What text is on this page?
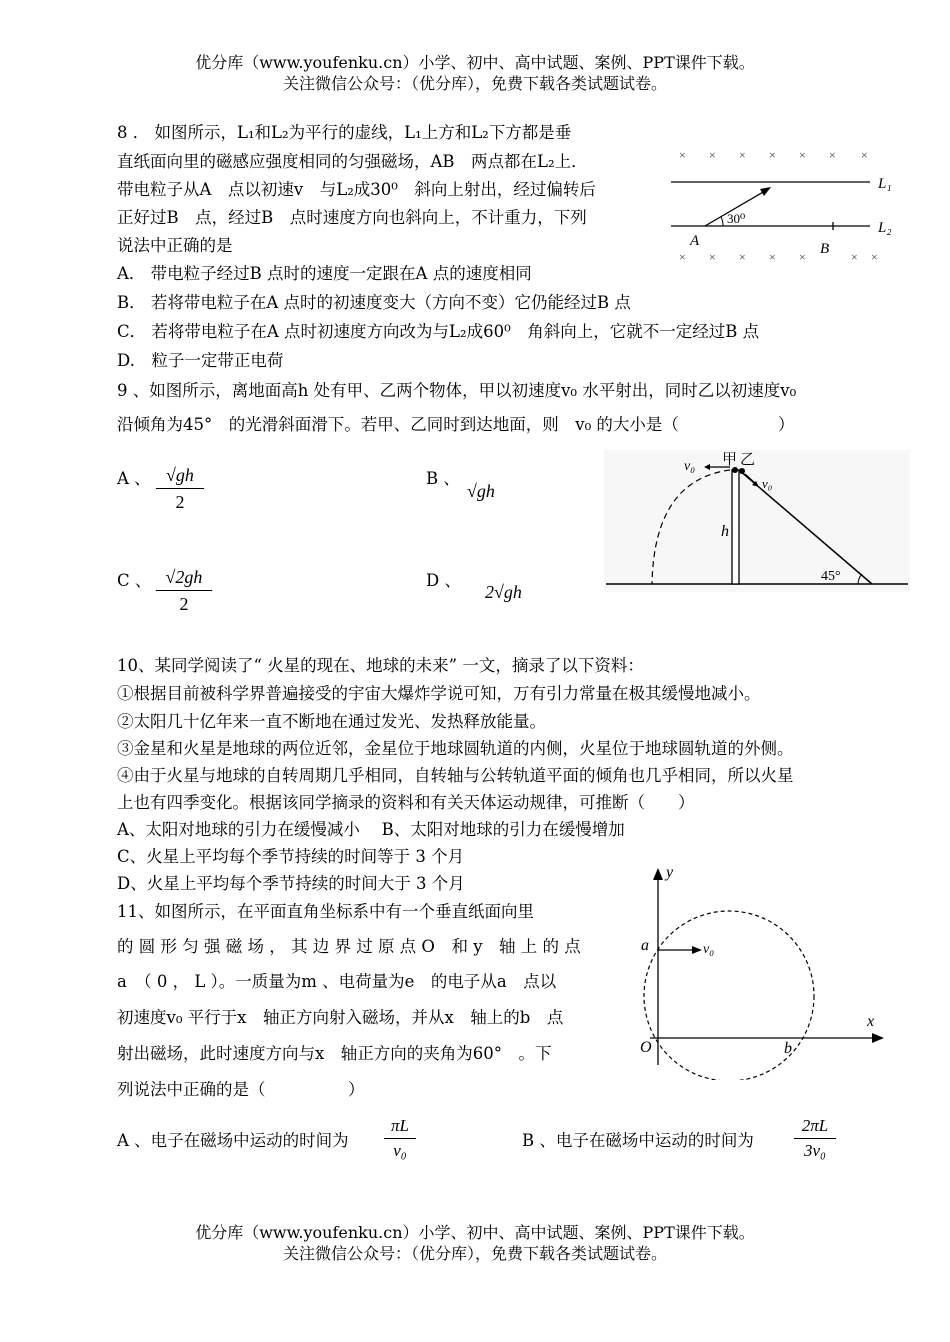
优分库（www.youfenku.cn）小学、初中、高中试题、案例、PPT课件下载。
关注微信公众号：（优分库），免费下载各类试题试卷。
8 ． 如图所示，L₁和L₂为平行的虚线，L₁上方和L₂下方都是垂
直纸面向里的磁感应强度相同的匀强磁场，AB　两点都在L₂上．
带电粒子从A　点以初速v　与L₂成30⁰　斜向上射出，经过偏转后
正好过B　点，经过B　点时速度方向也斜向上，不计重力，下列
说法中正确的是
A． 带电粒子经过B 点时的速度一定跟在A 点的速度相同
B． 若将带电粒子在A 点时的初速度变大（方向不变）它仍能经过B 点
C． 若将带电粒子在A 点时初速度方向改为与L₂成60⁰　角斜向上，它就不一定经过B 点
D.　粒子一定带正电荷
× × × × × × ×
× × × × ×	× ×
L₁
L₂
30⁰
A	B
9 、如图所示，离地面高h 处有甲、乙两个物体，甲以初速度v₀ 水平射出，同时乙以初速度v₀
沿倾角为45°　的光滑斜面滑下。若甲、乙同时到达地面，则　v₀ 的大小是（　　　　　　）
A 、 $\frac{√gh}{2}$	B 、
√gh
C 、 $\frac{√2gh}{2}$	D 、
2√gh
v₀ 甲 乙
v₀
h
45°
10、某同学阅读了“ 火星的现在、地球的未来” 一文，摘录了以下资料：
①根据目前被科学界普遍接受的宇宙大爆炸学说可知，万有引力常量在极其缓慢地减小。
②太阳几十亿年来一直不断地在通过发光、发热释放能量。
③金星和火星是地球的两位近邻，金星位于地球圆轨道的内侧，火星位于地球圆轨道的外侧。
④由于火星与地球的自转周期几乎相同，自转轴与公转轨道平面的倾角也几乎相同，所以火星
上也有四季变化。根据该同学摘录的资料和有关天体运动规律，可推断（　　）
A、太阳对地球的引力在缓慢减小　 B、太阳对地球的引力在缓慢增加
C、火星上平均每个季节持续的时间等于 3 个月
D、火星上平均每个季节持续的时间大于 3 个月
11、如图所示，在平面直角坐标系中有一个垂直纸面向里
的 圆 形 匀 强 磁 场 ， 其 边 界 过 原 点 O　和 y　轴 上 的 点
a　（ 0 ， L ）。一质量为m 、电荷量为e　的电子从a　点以
初速度v₀ 平行于x　轴正方向射入磁场，并从x　轴上的b　点
射出磁场，此时速度方向与x　轴正方向的夹角为60°　。下
列说法中正确的是（　　　　　）
A 、电子在磁场中运动的时间为 $\frac{\pi L}{\text{v₀}}$	B 、电子在磁场中运动的时间为 $\frac{2\pi L}{\text{3v₀}}$
y
x
a	v₀
O	b
优分库（www.youfenku.cn）小学、初中、高中试题、案例、PPT课件下载。
关注微信公众号：（优分库），免费下载各类试题试卷。
